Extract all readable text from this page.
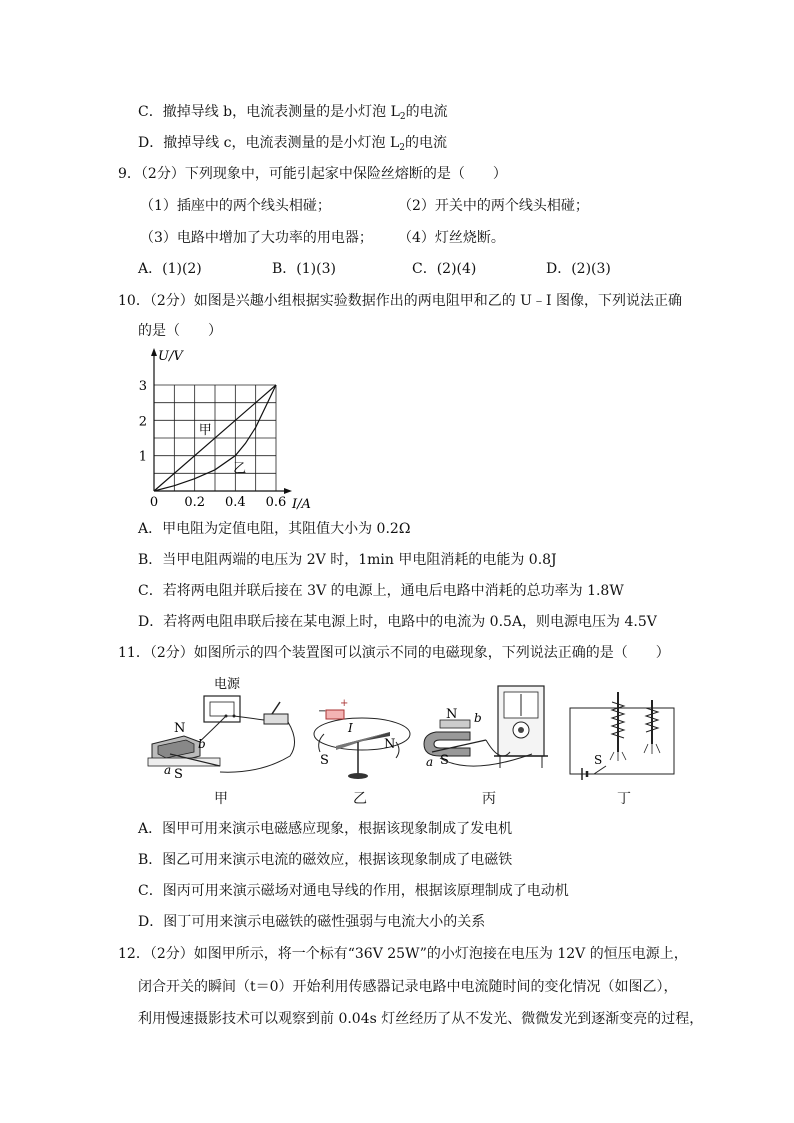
C．撤掉导线 b，电流表测量的是小灯泡 $L_2$的电流
D．撤掉导线 c，电流表测量的是小灯泡 $L_2$的电流
9．（2分）下列现象中，可能引起家中保险丝熔断的是（　　）
（1）插座中的两个线头相碰；	（2）开关中的两个线头相碰；
（3）电路中增加了大功率的用电器； （4）灯丝烧断。
A．(1)(2)	B．(1)(3)	C．(2)(4)	D．(2)(3)
10．（2分）如图是兴趣小组根据实验数据作出的两电阻甲和乙的 U﹣I 图像，下列说法正确
的是（　　）
U/V
I/A
0 0.2 0.4 0.6
1
2
3
甲
乙
A．甲电阻为定值电阻，其阻值大小为 0.2Ω
B．当甲电阻两端的电压为 2V 时，1min 甲电阻消耗的电能为 0.8J
C．若将两电阻并联后接在 3V 的电源上，通电后电路中消耗的总功率为 1.8W
D．若将两电阻串联后接在某电源上时，电路中的电流为 0.5A，则电源电压为 4.5V
11．（2分）如图所示的四个装置图可以演示不同的电磁现象，下列说法正确的是（　　）
电源
N
b
a S
−
+
I
S
N
N b
a S	S
甲	乙	丙	丁
A．图甲可用来演示电磁感应现象，根据该现象制成了发电机
B．图乙可用来演示电流的磁效应，根据该现象制成了电磁铁
C．图丙可用来演示磁场对通电导线的作用，根据该原理制成了电动机
D．图丁可用来演示电磁铁的磁性强弱与电流大小的关系
12．（2分）如图甲所示，将一个标有“36V 25W”的小灯泡接在电压为 12V 的恒压电源上，
闭合开关的瞬间（t＝0）开始利用传感器记录电路中电流随时间的变化情况（如图乙），
利用慢速摄影技术可以观察到前 0.04s 灯丝经历了从不发光、微微发光到逐渐变亮的过程，
